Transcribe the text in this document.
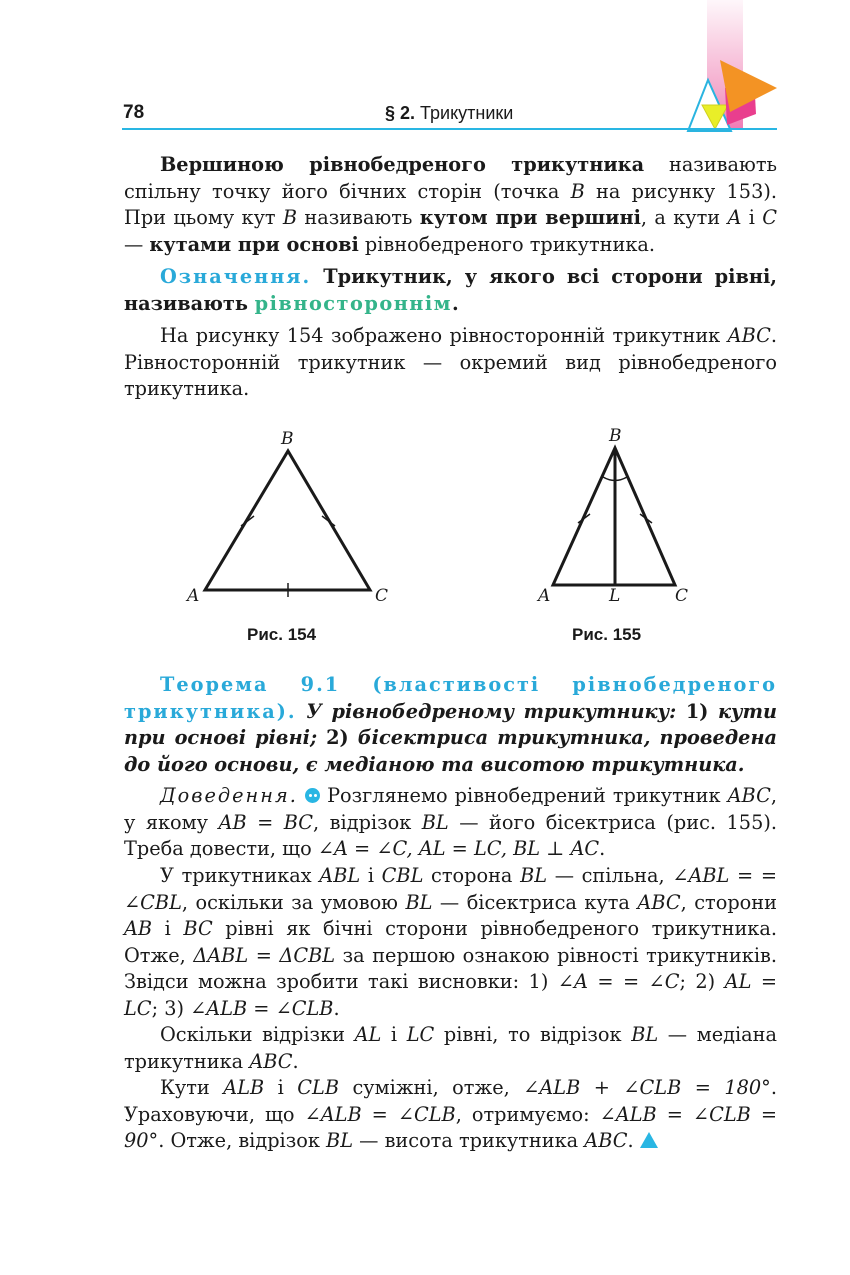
78	§ 2. Трикутники

Вершиною рівнобедреного трикутника називають спільну точку його бічних сторін (точка B на рисунку 153). При цьому кут B називають кутом при вершині, а кути A і C — кутами при основі рівнобедреного трикутника.

Означення. Трикутник, у якого всі сторони рівні, називають рівностороннім.

На рисунку 154 зображено рівносторонній трикутник ABC. Рівносторонній трикутник — окремий вид рівнобедреного трикутника.

B
A	C
Рис. 154
B
A	L	C
Рис. 155

Теорема 9.1 (властивості рівнобедреного трикутника). У рівнобедреному трикутнику: 1) кути при основі рівні; 2) бісектриса трикутника, проведена до його основи, є медіаною та висотою трикутника.

Доведення.  Розглянемо рівнобедрений трикутник ABC, у якому AB = BC, відрізок BL — його бісектриса (рис. 155). Треба довести, що ∠A = ∠C, AL = LC, BL ⊥ AC.

У трикутниках ABL і CBL сторона BL — спільна, ∠ABL = = ∠CBL, оскільки за умовою BL — бісектриса кута ABC, сторони AB і BC рівні як бічні сторони рівнобедреного трикутника. Отже, ΔABL = ΔCBL за першою ознакою рівності трикутників. Звідси можна зробити такі висновки: 1) ∠A = = ∠C; 2) AL = LC; 3) ∠ALB = ∠CLB.

Оскільки відрізки AL і LC рівні, то відрізок BL — медіана трикутника ABC.

Кути ALB і CLB суміжні, отже, ∠ALB + ∠CLB = 180°. Ураховуючи, що ∠ALB = ∠CLB, отримуємо: ∠ALB = ∠CLB = 90°. Отже, відрізок BL — висота трикутника ABC.
